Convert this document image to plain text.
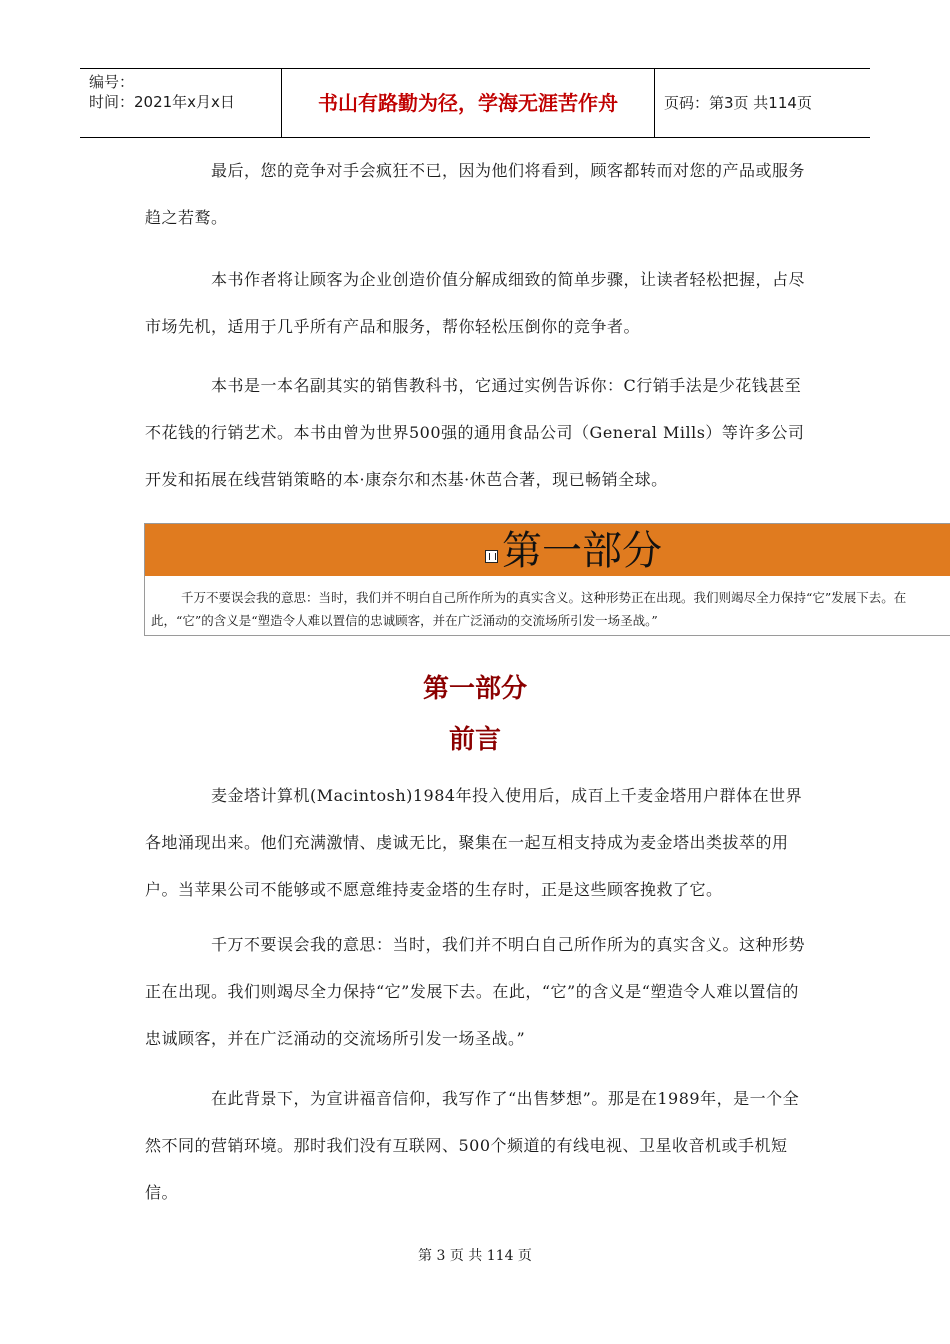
编号：
时间：2021年x月x日	书山有路勤为径，学海无涯苦作舟	页码：第3页 共114页

最后，您的竞争对手会疯狂不已，因为他们将看到，顾客都转而对您的产品或服务趋之若鹜。

本书作者将让顾客为企业创造价值分解成细致的简单步骤，让读者轻松把握，占尽市场先机，适用于几乎所有产品和服务，帮你轻松压倒你的竞争者。

本书是一本名副其实的销售教科书，它通过实例告诉你：C行销手法是少花钱甚至不花钱的行销艺术。本书由曾为世界500强的通用食品公司（General Mills）等许多公司开发和拓展在线营销策略的本·康奈尔和杰基·休芭合著，现已畅销全球。

第一部分

千万不要误会我的意思：当时，我们并不明白自己所作所为的真实含义。这种形势正在出现。我们则竭尽全力保持“它”发展下去。在此，“它”的含义是“塑造令人难以置信的忠诚顾客，并在广泛涌动的交流场所引发一场圣战。”

第一部分
前言

麦金塔计算机(Macintosh)1984年投入使用后，成百上千麦金塔用户群体在世界各地涌现出来。他们充满激情、虔诚无比，聚集在一起互相支持成为麦金塔出类拔萃的用户。当苹果公司不能够或不愿意维持麦金塔的生存时，正是这些顾客挽救了它。

千万不要误会我的意思：当时，我们并不明白自己所作所为的真实含义。这种形势正在出现。我们则竭尽全力保持“它”发展下去。在此，“它”的含义是“塑造令人难以置信的忠诚顾客，并在广泛涌动的交流场所引发一场圣战。”

在此背景下，为宣讲福音信仰，我写作了“出售梦想”。那是在1989年，是一个全然不同的营销环境。那时我们没有互联网、500个频道的有线电视、卫星收音机或手机短信。

第 3 页 共 114 页
